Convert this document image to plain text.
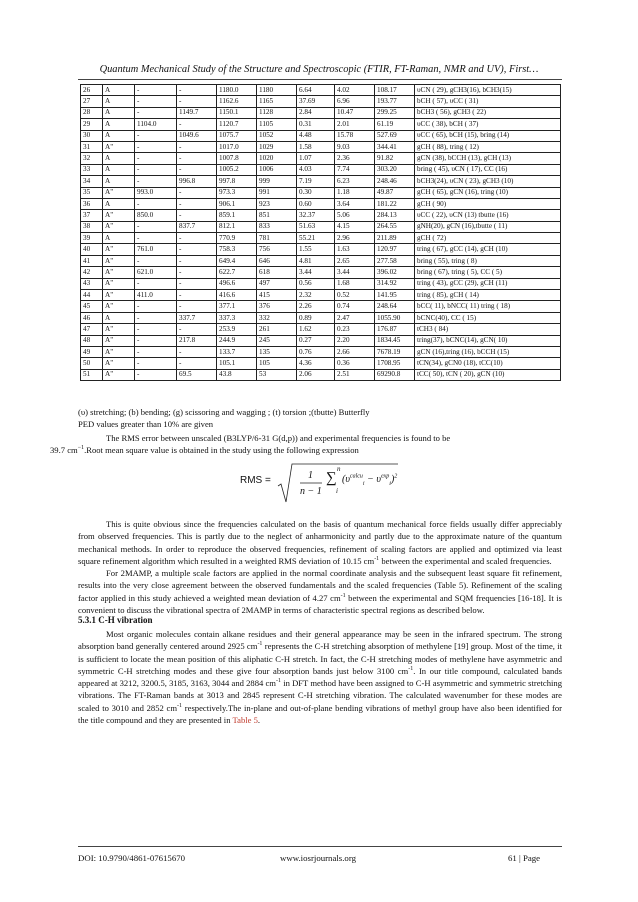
Quantum Mechanical Study of the Structure and Spectroscopic (FTIR, FT-Raman, NMR and UV), First…
26	A	-	-	1180.0	1180	6.64	4.02	108.17	υCN ( 29), gCH3(16), bCH3(15)
27	A	-	-	1162.6	1165	37.69	6.96	193.77	bCH ( 57), υCC ( 31)
28	A	-	1149.7	1150.1	1128	2.84	10.47	299.25	bCH3 ( 56), gCH3 ( 22)
29	A	1104.0	-	1120.7	1105	0.31	2.01	61.19	υCC ( 38), bCH ( 37)
30	A	-	1049.6	1075.7	1052	4.48	15.78	527.69	υCC ( 65), bCH (15), bring (14)
31	A"	-	-	1017.0	1029	1.58	9.03	344.41	gCH ( 88), tring ( 12)
32	A	-	-	1007.8	1020	1.07	2.36	91.82	gCN (38), bCCH (13), gCH (13)
33	A	-	-	1005.2	1006	4.03	7.74	303.20	bring ( 45), υCN ( 17), CC (16)
34	A	-	996.8	997.8	999	7.19	6.23	248.46	bCH3(24), υCN ( 23), gCH3 (10)
35	A"	993.0	-	973.3	991	0.30	1.18	49.87	gCH ( 65), gCN (16), tring (10)
36	A	-	-	906.1	923	0.60	3.64	181.22	gCH ( 90)
37	A"	850.0	-	859.1	851	32.37	5.06	284.13	υCC ( 22), υCN (13) tbutte (16)
38	A"	-	837.7	812.1	833	51.63	4.15	264.55	gNH(20), gCN (16),tbutte ( 11)
39	A	-	-	770.9	781	55.21	2.96	211.89	gCH ( 72)
40	A"	761.0	-	758.3	756	1.55	1.63	120.97	tring ( 67), gCC (14), gCH (10)
41	A"	-	-	649.4	646	4.81	2.65	277.58	bring ( 55), tring ( 8)
42	A"	621.0	-	622.7	618	3.44	3.44	396.02	bring ( 67), tring ( 5), CC ( 5)
43	A"	-	-	496.6	497	0.56	1.68	314.92	tring ( 43), gCC (29), gCH (11)
44	A"	411.0	-	416.6	415	2.32	0.52	141.95	tring ( 85), gCH ( 14)
45	A"	-	-	377.1	376	2.26	0.74	248.64	bCC( 11), bNCC( 11) tring ( 18)
46	A	-	337.7	337.3	332	0.89	2.47	1055.90	bCNC(40), CC ( 15)
47	A"	-	-	253.9	261	1.62	0.23	176.87	tCH3 ( 84)
48	A"	-	217.8	244.9	245	0.27	2.20	1834.45	tring(37), bCNC(14), gCN( 10)
49	A"	-	-	133.7	135	0.76	2.66	7678.19	gCN (16),tring (16), bCCH (15)
50	A"	-	-	105.1	105	4.36	0.36	1708.95	tCN(34), gCN0 (18), tCC(10)
51	A"	-	69.5	43.8	53	2.06	2.51	69290.8	tCC( 50), tCN ( 20), gCN (10)
(υ) stretching; (b) bending; (g) scissoring and wagging ; (t) torsion ;(tbutte) Butterfly
PED values greater than 10% are given
The RMS error between unscaled (B3LYP/6-31 G(d,p)) and experimental frequencies is found to be
39.7 $cm^{-1}.Root$ mean square value is obtained in the study using the following expression
RMS =	1
n − 1
∑
n
i
$(\upsilon^{calcu}_i - \upsilon^{exp}_i)^2$
This is quite obvious since the frequencies calculated on the basis of quantum mechanical force fields usually differ appreciably from observed frequencies. This is partly due to the neglect of anharmonicity and partly due to the approximate nature of the quantum mechanical methods. In order to reproduce the observed frequencies, refinement of scaling factors are applied and optimized via least square refinement algorithm which resulted in a weighted RMS deviation of 10.15 $cm^{-1}$ between the experimental and scaled frequencies.
For 2MAMP, a multiple scale factors are applied in the normal coordinate analysis and the subsequent least square fit refinement, results into the very close agreement between the observed fundamentals and the scaled frequencies (Table 5). Refinement of the scaling factor applied in this study achieved a weighted mean deviation of 4.27 $cm^{-1}$ between the experimental and SQM frequencies [16-18]. It is convenient to discuss the vibrational spectra of 2MAMP in terms of characteristic spectral regions as described below.
5.3.1 C-H vibration
Most organic molecules contain alkane residues and their general appearance may be seen in the infrared spectrum. The strong absorption band generally centered around 2925 $cm^{-1}$ represents the C-H stretching absorption of methylene [19] group. Most of the time, it is sufficient to locate the mean position of this aliphatic C-H stretch. In fact, the C-H stretching modes of methylene have asymmetric and symmetric C-H stretching modes and these give four absorption bands just below 3100 $cm^{-1}$. In our title compound, calculated bands appeared at 3212, 3200.5, 3185, 3163, 3044 and 2884 $cm^{-1}$ in DFT method have been assigned to C-H asymmetric and symmetric stretching vibrations. The FT-Raman bands at 3013 and 2845 represent C-H stretching vibration. The calculated wavenumber for these modes are scaled to 3010 and 2852 $cm^{-1}$ respectively.The in-plane and out-of-plane bending vibrations of methyl group have also been identified for the title compound and they are presented in Table 5.
DOI: 10.9790/4861-07615670	www.iosrjournals.org	61 | Page
